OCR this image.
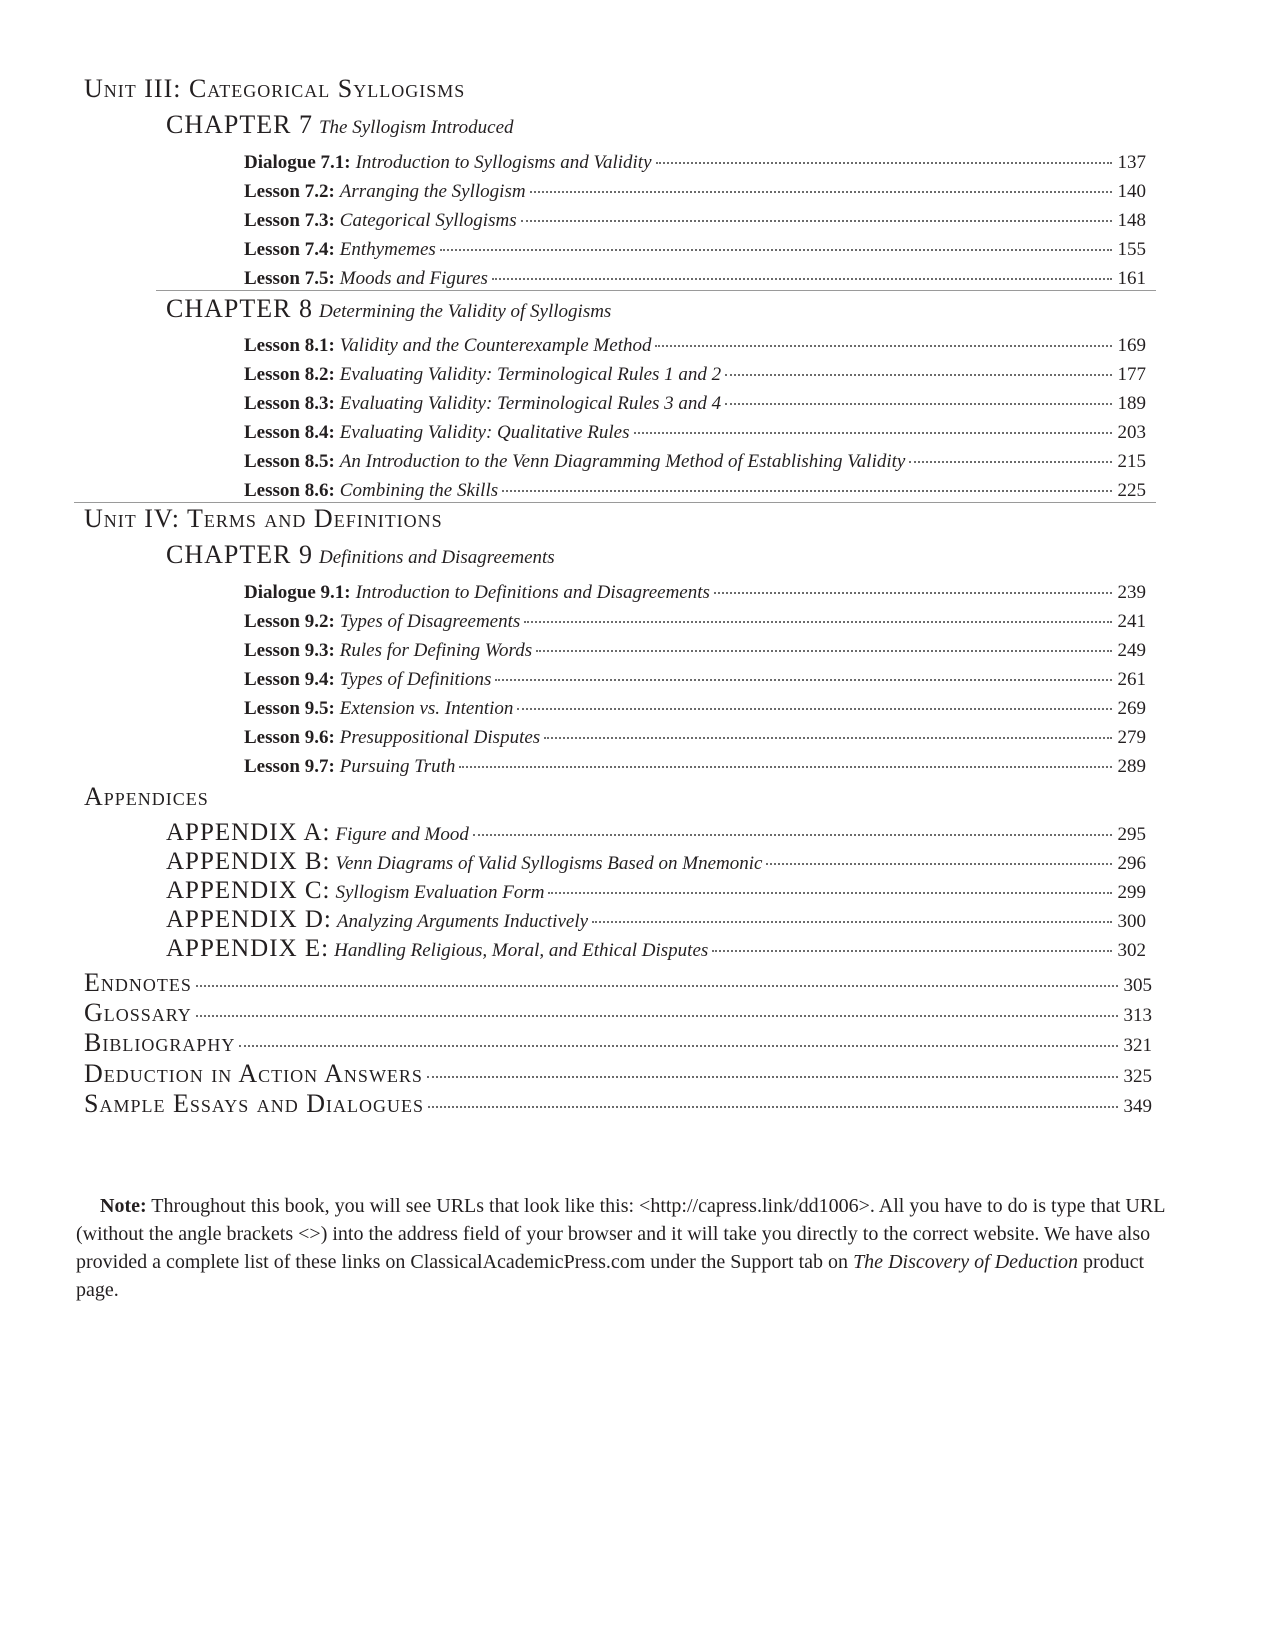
Unit III: Categorical Syllogisms
CHAPTER 7 The Syllogism Introduced
Dialogue 7.1: Introduction to Syllogisms and Validity	137
Lesson 7.2: Arranging the Syllogism	140
Lesson 7.3: Categorical Syllogisms	148
Lesson 7.4: Enthymemes	155
Lesson 7.5: Moods and Figures	161
CHAPTER 8 Determining the Validity of Syllogisms
Lesson 8.1: Validity and the Counterexample Method	169
Lesson 8.2: Evaluating Validity: Terminological Rules 1 and 2	177
Lesson 8.3: Evaluating Validity: Terminological Rules 3 and 4	189
Lesson 8.4: Evaluating Validity: Qualitative Rules	203
Lesson 8.5: An Introduction to the Venn Diagramming Method of Establishing Validity	215
Lesson 8.6: Combining the Skills	225
Unit IV: Terms and Definitions
CHAPTER 9 Definitions and Disagreements
Dialogue 9.1: Introduction to Definitions and Disagreements	239
Lesson 9.2: Types of Disagreements	241
Lesson 9.3: Rules for Defining Words	249
Lesson 9.4: Types of Definitions	261
Lesson 9.5: Extension vs. Intention	269
Lesson 9.6: Presuppositional Disputes	279
Lesson 9.7: Pursuing Truth	289
Appendices
APPENDIX A: Figure and Mood	295
APPENDIX B: Venn Diagrams of Valid Syllogisms Based on Mnemonic	296
APPENDIX C: Syllogism Evaluation Form	299
APPENDIX D: Analyzing Arguments Inductively	300
APPENDIX E: Handling Religious, Moral, and Ethical Disputes	302
Endnotes	305
Glossary	313
Bibliography	321
Deduction in Action Answers	325
Sample Essays and Dialogues	349
Note: Throughout this book, you will see URLs that look like this: <http://capress.link/dd1006>. All you have to do is type that URL (without the angle brackets <>) into the address field of your browser and it will take you directly to the correct website. We have also provided a complete list of these links on ClassicalAcademicPress.com under the Support tab on The Discovery of Deduction product page.
